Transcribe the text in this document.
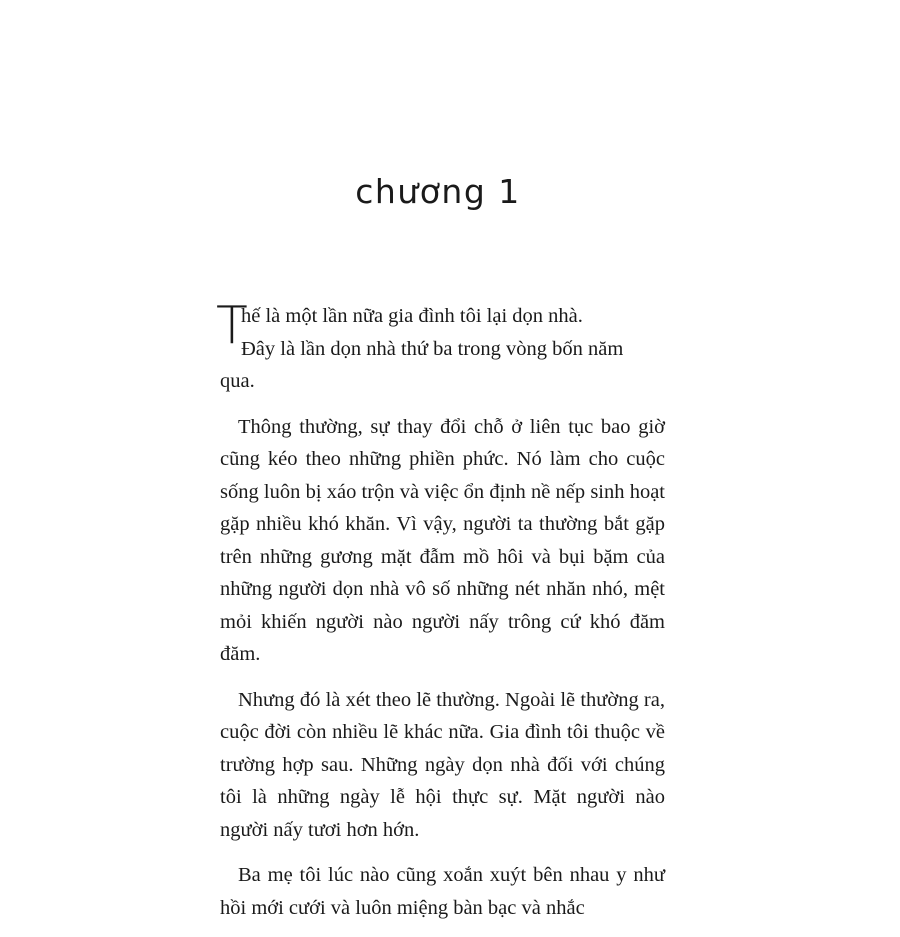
chương 1
T
hế là một lần nữa gia đình tôi lại dọn nhà.

Đây là lần dọn nhà thứ ba trong vòng bốn năm
qua.

Thông thường, sự thay đổi chỗ ở liên tục bao giờ cũng kéo theo những phiền phức. Nó làm cho cuộc sống luôn bị xáo trộn và việc ổn định nề nếp sinh hoạt gặp nhiều khó khăn. Vì vậy, người ta thường bắt gặp trên những gương mặt đẫm mồ hôi và bụi bặm của những người dọn nhà vô số những nét nhăn nhó, mệt mỏi khiến người nào người nấy trông cứ khó đăm đăm.

Nhưng đó là xét theo lẽ thường. Ngoài lẽ thường ra, cuộc đời còn nhiều lẽ khác nữa. Gia đình tôi thuộc về trường hợp sau. Những ngày dọn nhà đối với chúng tôi là những ngày lễ hội thực sự. Mặt người nào người nấy tươi hơn hớn.

Ba mẹ tôi lúc nào cũng xoắn xuýt bên nhau y như hồi mới cưới và luôn miệng bàn bạc và nhắc
